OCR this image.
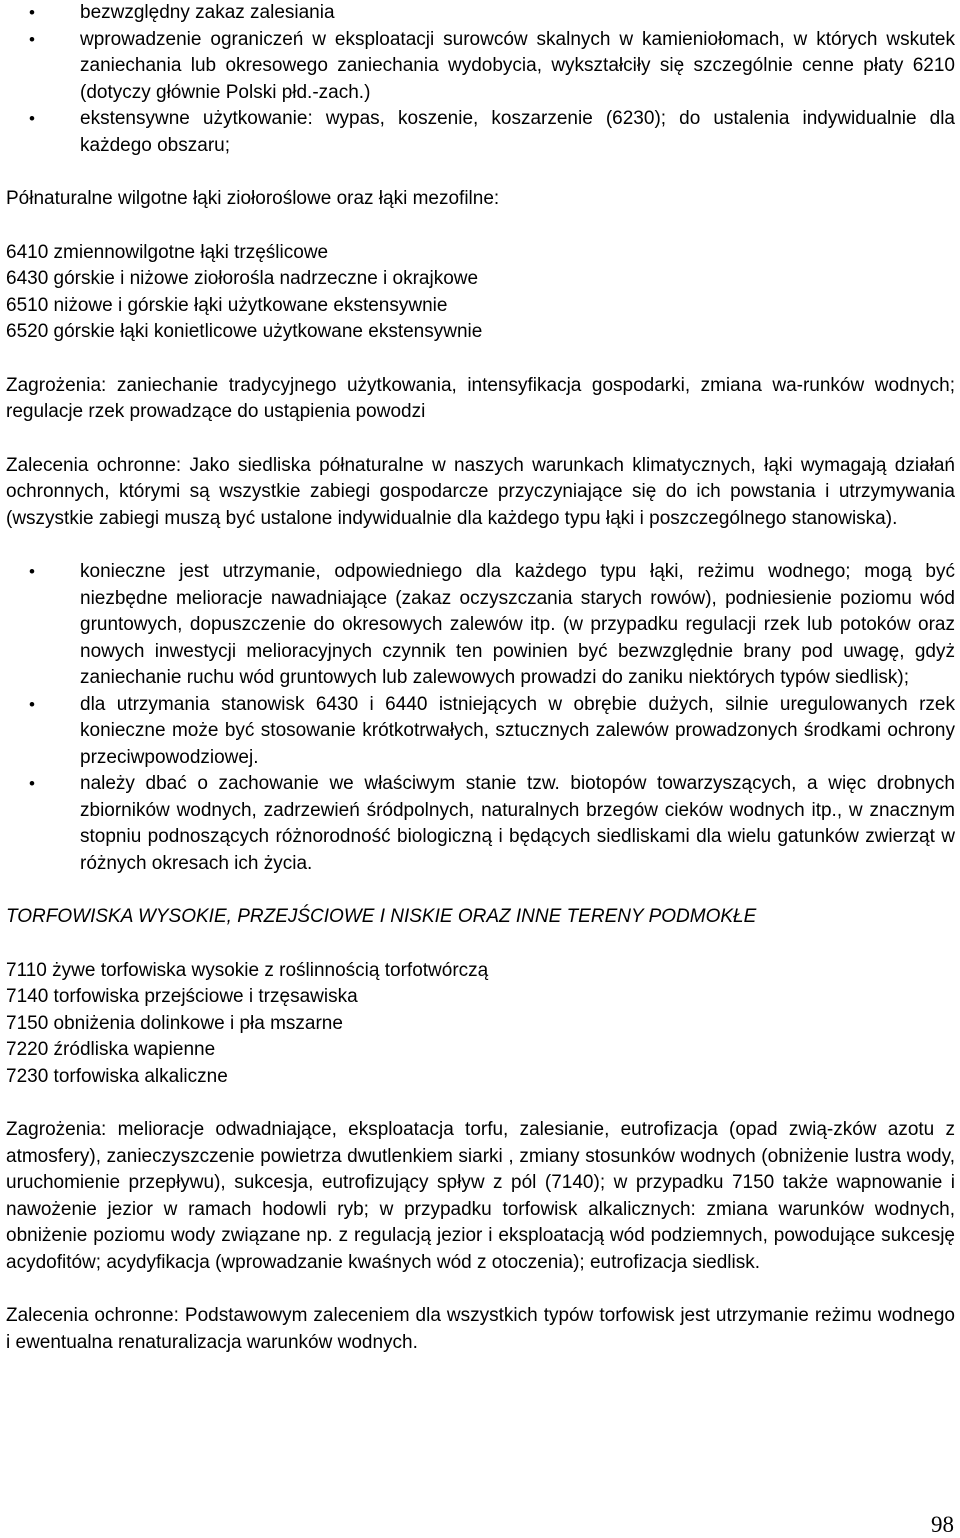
• bezwzględny zakaz zalesiania
• wprowadzenie ograniczeń w eksploatacji surowców skalnych w kamieniołomach, w których wskutek zaniechania lub okresowego zaniechania wydobycia, wykształciły się szczególnie cenne płaty 6210 (dotyczy głównie Polski płd.-zach.)
• ekstensywne użytkowanie: wypas, koszenie, koszarzenie (6230); do ustalenia indywidualnie dla każdego obszaru;

Półnaturalne wilgotne łąki ziołoroślowe oraz łąki mezofilne:

6410 zmiennowilgotne łąki trzęślicowe
6430 górskie i niżowe ziołorośla nadrzeczne i okrajkowe
6510 niżowe i górskie łąki użytkowane ekstensywnie
6520 górskie łąki konietlicowe użytkowane ekstensywnie

Zagrożenia: zaniechanie tradycyjnego użytkowania, intensyfikacja gospodarki, zmiana wa-runków wodnych; regulacje rzek prowadzące do ustąpienia powodzi

Zalecenia ochronne: Jako siedliska półnaturalne w naszych warunkach klimatycznych, łąki wymagają działań ochronnych, którymi są wszystkie zabiegi gospodarcze przyczyniające się do ich powstania i utrzymywania (wszystkie zabiegi muszą być ustalone indywidualnie dla każdego typu łąki i poszczególnego stanowiska).

• konieczne jest utrzymanie, odpowiedniego dla każdego typu łąki, reżimu wodnego; mogą być niezbędne melioracje nawadniające (zakaz oczyszczania starych rowów), podniesienie poziomu wód gruntowych, dopuszczenie do okresowych zalewów itp. (w przypadku regulacji rzek lub potoków oraz nowych inwestycji melioracyjnych czynnik ten powinien być bezwzględnie brany pod uwagę, gdyż zaniechanie ruchu wód gruntowych lub zalewowych prowadzi do zaniku niektórych typów siedlisk);
• dla utrzymania stanowisk 6430 i 6440 istniejących w obrębie dużych, silnie uregulowanych rzek konieczne może być stosowanie krótkotrwałych, sztucznych zalewów prowadzonych środkami ochrony przeciwpowodziowej.
• należy dbać o zachowanie we właściwym stanie tzw. biotopów towarzyszących, a więc drobnych zbiorników wodnych, zadrzewień śródpolnych, naturalnych brzegów cieków wodnych itp., w znacznym stopniu podnoszących różnorodność biologiczną i będących siedliskami dla wielu gatunków zwierząt w różnych okresach ich życia.

TORFOWISKA WYSOKIE, PRZEJŚCIOWE I NISKIE ORAZ INNE TERENY PODMOKŁE

7110 żywe torfowiska wysokie z roślinnością torfotwórczą
7140 torfowiska przejściowe i trzęsawiska
7150 obniżenia dolinkowe i pła mszarne
7220 źródliska wapienne
7230 torfowiska alkaliczne

Zagrożenia: melioracje odwadniające, eksploatacja torfu, zalesianie, eutrofizacja (opad zwią-zków azotu z atmosfery), zanieczyszczenie powietrza dwutlenkiem siarki , zmiany stosunków wodnych (obniżenie lustra wody, uruchomienie przepływu), sukcesja, eutrofizujący spływ z pól (7140); w przypadku 7150 także wapnowanie i nawożenie jezior w ramach hodowli ryb; w przypadku torfowisk alkalicznych: zmiana warunków wodnych, obniżenie poziomu wody związane np. z regulacją jezior i eksploatacją wód podziemnych, powodujące sukcesję acydofitów; acydyfikacja (wprowadzanie kwaśnych wód z otoczenia); eutrofizacja siedlisk.

Zalecenia ochronne: Podstawowym zaleceniem dla wszystkich typów torfowisk jest utrzymanie reżimu wodnego i ewentualna renaturalizacja warunków wodnych.

98
